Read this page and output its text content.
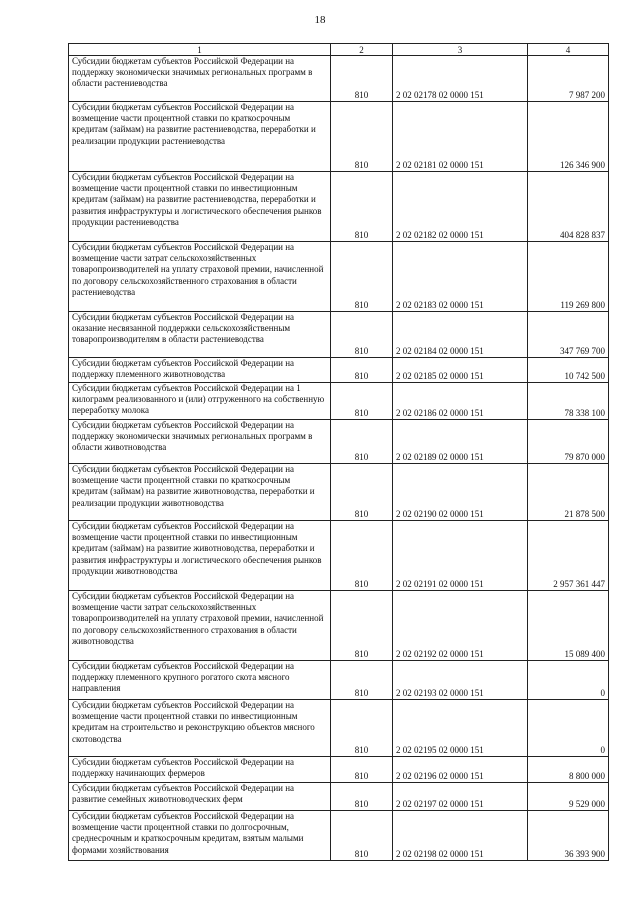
18
1	2	3	4
Субсидии бюджетам субъектов Российской Федерации на поддержку экономически значимых региональных программ в области растениеводства	810	2 02 02178 02 0000 151	7 987 200
Субсидии бюджетам субъектов Российской Федерации на возмещение части процентной ставки по краткосрочным кредитам (займам) на развитие растениеводства, переработки и реализации продукции растениеводства	810	2 02 02181 02 0000 151	126 346 900
Субсидии бюджетам субъектов Российской Федерации на возмещение части процентной ставки по инвестиционным кредитам (займам) на развитие растениеводства, переработки и развития инфраструктуры и логистического обеспечения рынков продукции растениеводства	810	2 02 02182 02 0000 151	404 828 837
Субсидии бюджетам субъектов Российской Федерации на возмещение части затрат сельскохозяйственных товаропроизводителей на уплату страховой премии, начисленной по договору сельскохозяйственного страхования в области растениеводства	810	2 02 02183 02 0000 151	119 269 800
Субсидии бюджетам субъектов Российской Федерации на оказание несвязанной поддержки сельскохозяйственным товаропроизводителям в области растениеводства	810	2 02 02184 02 0000 151	347 769 700
Субсидии бюджетам субъектов Российской Федерации на поддержку племенного животноводства	810	2 02 02185 02 0000 151	10 742 500
Субсидии бюджетам субъектов Российской Федерации на 1 килограмм реализованного и (или) отгруженного на собственную переработку молока	810	2 02 02186 02 0000 151	78 338 100
Субсидии бюджетам субъектов Российской Федерации на поддержку экономически значимых региональных программ в области животноводства	810	2 02 02189 02 0000 151	79 870 000
Субсидии бюджетам субъектов Российской Федерации на возмещение части процентной ставки по краткосрочным кредитам (займам) на развитие животноводства, переработки и реализации продукции животноводства	810	2 02 02190 02 0000 151	21 878 500
Субсидии бюджетам субъектов Российской Федерации на возмещение части процентной ставки по инвестиционным кредитам (займам) на развитие животноводства, переработки и развития инфраструктуры и логистического обеспечения рынков продукции животноводства	810	2 02 02191 02 0000 151	2 957 361 447
Субсидии бюджетам субъектов Российской Федерации на возмещение части затрат сельскохозяйственных товаропроизводителей на уплату страховой премии, начисленной по договору сельскохозяйственного страхования в области животноводства	810	2 02 02192 02 0000 151	15 089 400
Субсидии бюджетам субъектов Российской Федерации на поддержку племенного крупного рогатого скота мясного направления	810	2 02 02193 02 0000 151	0
Субсидии бюджетам субъектов Российской Федерации на возмещение части процентной ставки по инвестиционным кредитам на строительство и реконструкцию объектов мясного скотоводства	810	2 02 02195 02 0000 151	0
Субсидии бюджетам субъектов Российской Федерации на поддержку начинающих фермеров	810	2 02 02196 02 0000 151	8 800 000
Субсидии бюджетам субъектов Российской Федерации на развитие семейных животноводческих ферм	810	2 02 02197 02 0000 151	9 529 000
Субсидии бюджетам субъектов Российской Федерации на возмещение части процентной ставки по долгосрочным, среднесрочным и краткосрочным кредитам, взятым малыми формами хозяйствования	810	2 02 02198 02 0000 151	36 393 900
